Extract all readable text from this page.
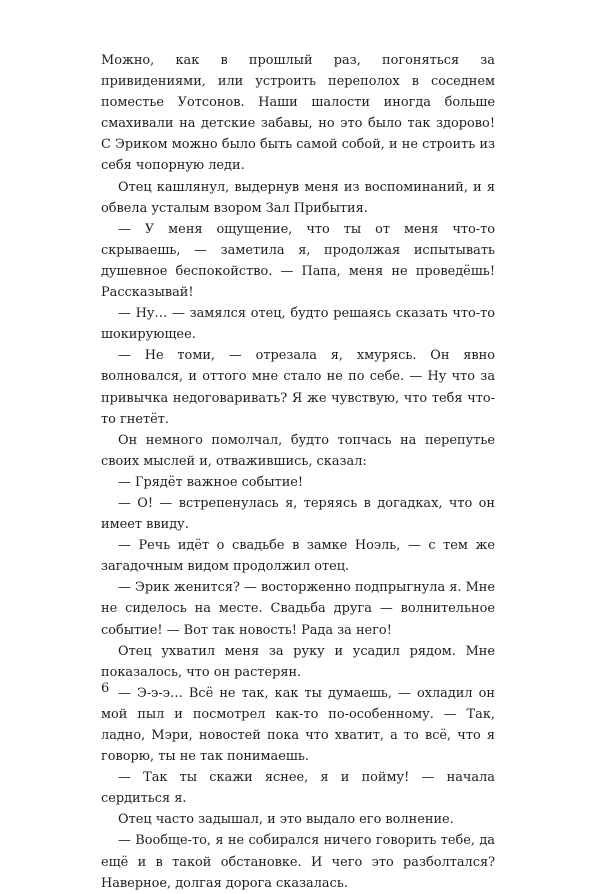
Можно, как в прошлый раз, погоняться за привидениями, или устроить переполох в соседнем поместье Уотсонов. Наши шалости иногда больше смахивали на детские забавы, но это было так здорово! С Эриком можно было быть самой собой, и не строить из себя чопорную леди.

Отец кашлянул, выдернув меня из воспоминаний, и я обвела усталым взором Зал Прибытия.

— У меня ощущение, что ты от меня что-то скрываешь, — заметила я, продолжая испытывать душевное беспокойство. — Папа, меня не проведёшь! Рассказывай!

— Ну… — замялся отец, будто решаясь сказать что-то шокирующее.

— Не томи, — отрезала я, хмурясь. Он явно волновался, и оттого мне стало не по себе. — Ну что за привычка недоговаривать? Я же чувствую, что тебя что-то гнетёт.

Он немного помолчал, будто топчась на перепутье своих мыслей и, отважившись, сказал:

— Грядёт важное событие!

— О! — встрепенулась я, теряясь в догадках, что он имеет ввиду.

— Речь идёт о свадьбе в замке Ноэль, — с тем же загадочным видом продолжил отец.

— Эрик женится? — восторженно подпрыгнула я. Мне не сиделось на месте. Свадьба друга — волнительное событие! — Вот так новость! Рада за него!

Отец ухватил меня за руку и усадил рядом. Мне показалось, что он растерян.

— Э-э-э… Всё не так, как ты думаешь, — охладил он мой пыл и посмотрел как-то по-особенному. — Так, ладно, Мэри, новостей пока что хватит, а то всё, что я говорю, ты не так понимаешь.

— Так ты скажи яснее, я и пойму! — начала сердиться я.

Отец часто задышал, и это выдало его волнение.

— Вообще-то, я не собирался ничего говорить тебе, да ещё и в такой обстановке. И чего это разболтался? Наверное, долгая дорога сказалась.

6
